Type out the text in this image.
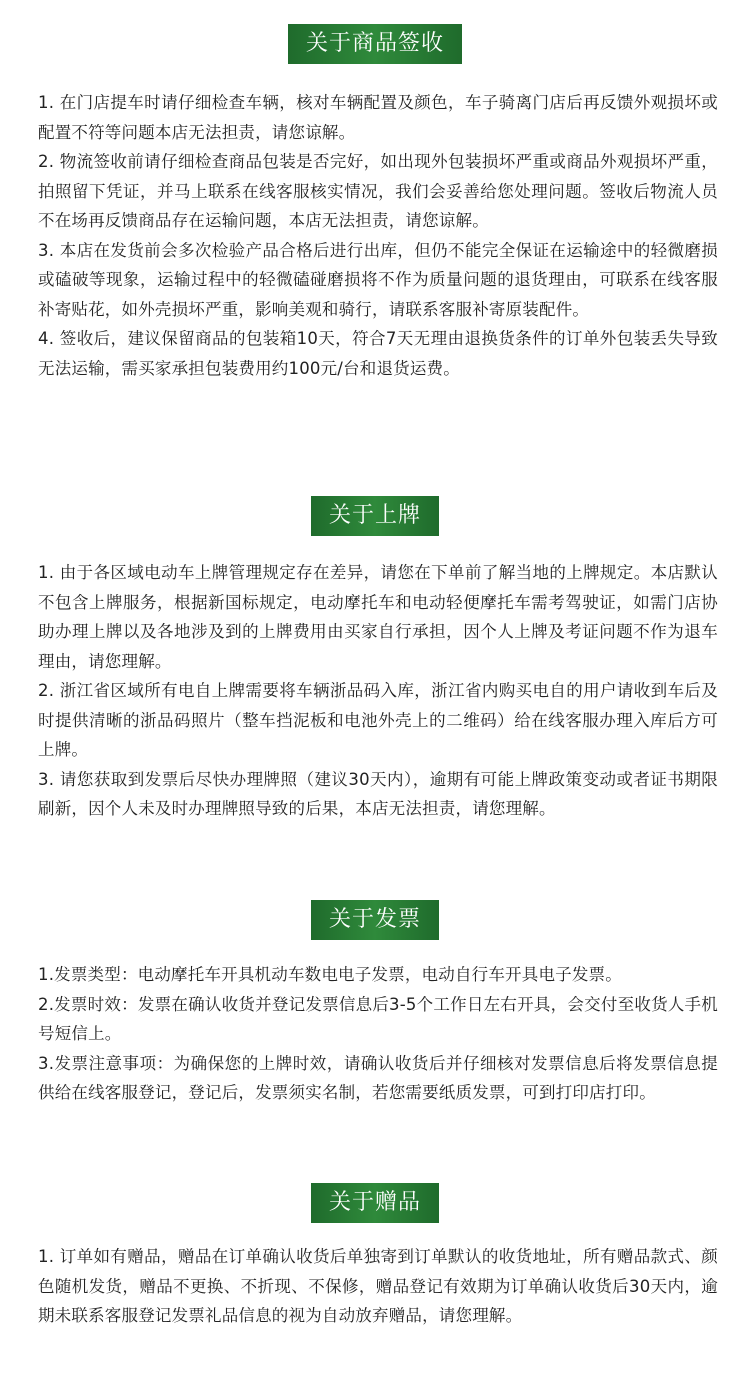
关于商品签收

1. 在门店提车时请仔细检查车辆，核对车辆配置及颜色，车子骑离门店后再反馈外观损坏或配置不符等问题本店无法担责，请您谅解。

2. 物流签收前请仔细检查商品包装是否完好，如出现外包装损坏严重或商品外观损坏严重，拍照留下凭证，并马上联系在线客服核实情况，我们会妥善给您处理问题。签收后物流人员不在场再反馈商品存在运输问题，本店无法担责，请您谅解。

3. 本店在发货前会多次检验产品合格后进行出库，但仍不能完全保证在运输途中的轻微磨损或磕破等现象，运输过程中的轻微磕碰磨损将不作为质量问题的退货理由，可联系在线客服补寄贴花，如外壳损坏严重，影响美观和骑行，请联系客服补寄原装配件。

4. 签收后，建议保留商品的包装箱10天，符合7天无理由退换货条件的订单外包装丢失导致无法运输，需买家承担包装费用约100元/台和退货运费。

关于上牌

1. 由于各区域电动车上牌管理规定存在差异，请您在下单前了解当地的上牌规定。本店默认不包含上牌服务，根据新国标规定，电动摩托车和电动轻便摩托车需考驾驶证，如需门店协助办理上牌以及各地涉及到的上牌费用由买家自行承担，因个人上牌及考证问题不作为退车理由，请您理解。

2. 浙江省区域所有电自上牌需要将车辆浙品码入库，浙江省内购买电自的用户请收到车后及时提供清晰的浙品码照片（整车挡泥板和电池外壳上的二维码）给在线客服办理入库后方可上牌。

3. 请您获取到发票后尽快办理牌照（建议30天内），逾期有可能上牌政策变动或者证书期限刷新，因个人未及时办理牌照导致的后果，本店无法担责，请您理解。

关于发票

1.发票类型：电动摩托车开具机动车数电电子发票，电动自行车开具电子发票。

2.发票时效：发票在确认收货并登记发票信息后3-5个工作日左右开具，会交付至收货人手机号短信上。

3.发票注意事项：为确保您的上牌时效，请确认收货后并仔细核对发票信息后将发票信息提供给在线客服登记，登记后，发票须实名制，若您需要纸质发票，可到打印店打印。

关于赠品

1. 订单如有赠品，赠品在订单确认收货后单独寄到订单默认的收货地址，所有赠品款式、颜色随机发货，赠品不更换、不折现、不保修，赠品登记有效期为订单确认收货后30天内，逾期未联系客服登记发票礼品信息的视为自动放弃赠品，请您理解。
